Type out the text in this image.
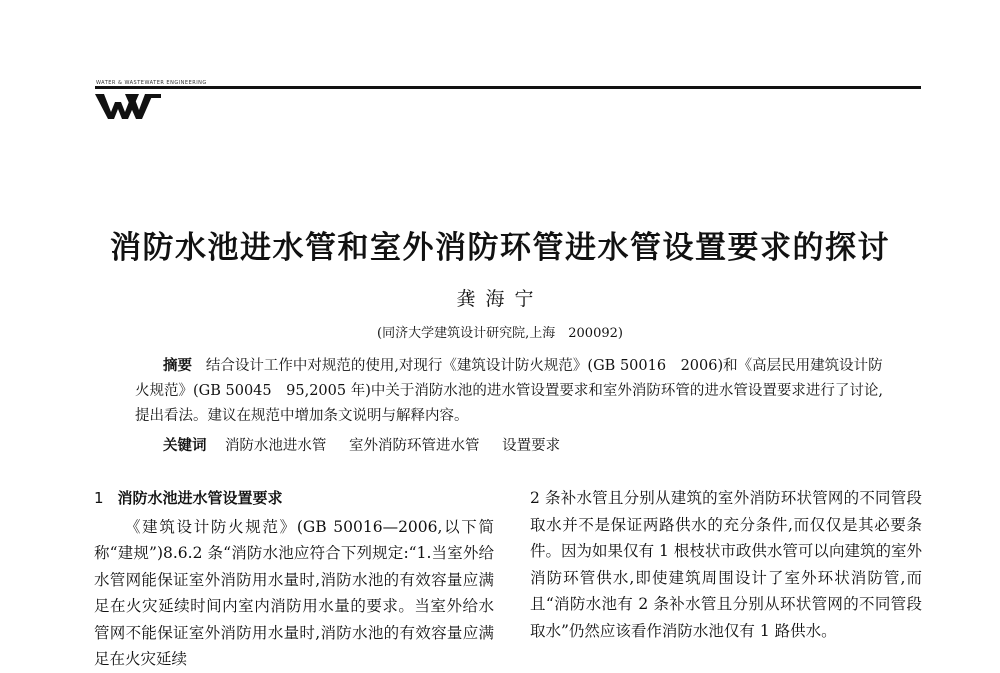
WATER & WASTEWATER ENGINEERING
消防水池进水管和室外消防环管进水管设置要求的探讨
龚海宁
(同济大学建筑设计研究院,上海　200092)
摘要 结合设计工作中对规范的使用,对现行《建筑设计防火规范》(GB 50016　2006)和《高层民用建筑设计防火规范》(GB 50045　95,2005 年)中关于消防水池的进水管设置要求和室外消防环管的进水管设置要求进行了讨论,提出看法。建议在规范中增加条文说明与解释内容。
关键词 消防水池进水管 室外消防环管进水管 设置要求
1 消防水池进水管设置要求

《建筑设计防火规范》(GB 50016—2006,以下简称“建规”)8.6.2 条“消防水池应符合下列规定:“1.当室外给水管网能保证室外消防用水量时,消防水池的有效容量应满足在火灾延续时间内室内消防用水量的要求。当室外给水管网不能保证室外消防用水量时,消防水池的有效容量应满足在火灾延续

2 条补水管且分别从建筑的室外消防环状管网的不同管段取水并不是保证两路供水的充分条件,而仅仅是其必要条件。因为如果仅有 1 根枝状市政供水管可以向建筑的室外消防环管供水,即使建筑周围设计了室外环状消防管,而且“消防水池有 2 条补水管且分别从环状管网的不同管段取水”仍然应该看作消防水池仅有 1 路供水。
